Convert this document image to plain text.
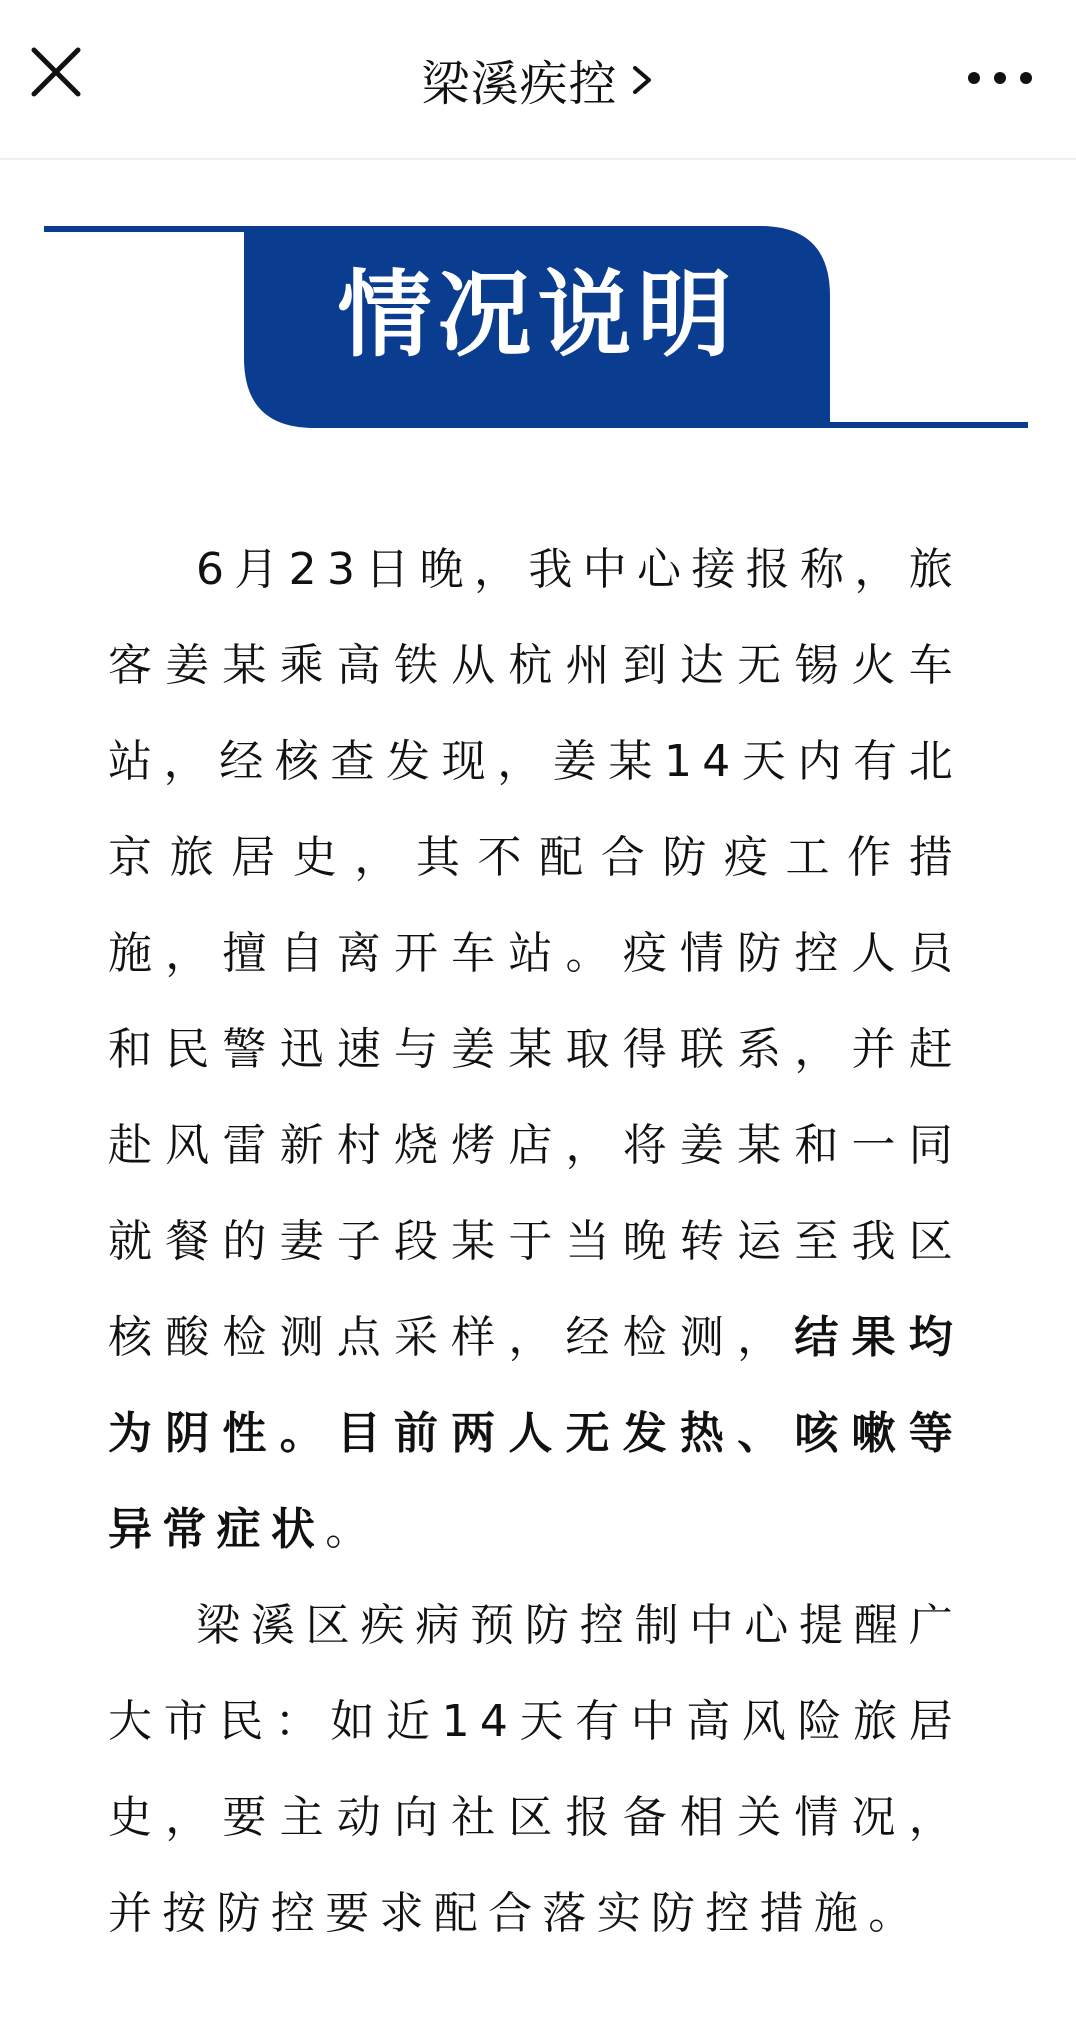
梁溪疾控
情况说明

6月23日晚，我中心接报称，旅客姜某乘高铁从杭州到达无锡火车站，经核查发现，姜某14天内有北京旅居史，其不配合防疫工作措施，擅自离开车站。疫情防控人员和民警迅速与姜某取得联系，并赶赴风雷新村烧烤店，将姜某和一同就餐的妻子段某于当晚转运至我区核酸检测点采样，经检测，结果均为阴性。目前两人无发热、咳嗽等异常症状。

梁溪区疾病预防控制中心提醒广大市民：如近14天有中高风险旅居史，要主动向社区报备相关情况，并按防控要求配合落实防控措施。
